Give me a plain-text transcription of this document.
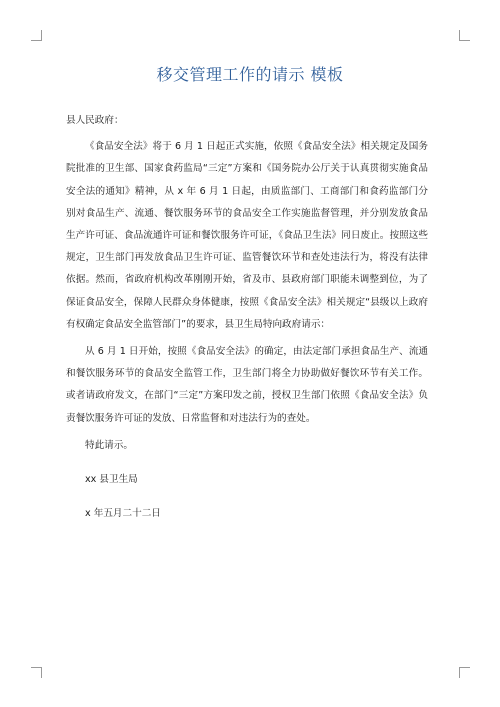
移交管理工作的请示 模板

县人民政府：

《食品安全法》将于 6 月 1 日起正式实施，依照《食品安全法》相关规定及国务院批准的卫生部、国家食药监局“三定”方案和《国务院办公厅关于认真贯彻实施食品安全法的通知》精神，从 x 年 6 月 1 日起，由质监部门、工商部门和食药监部门分别对食品生产、流通、餐饮服务环节的食品安全工作实施监督管理，并分别发放食品生产许可证、食品流通许可证和餐饮服务许可证，《食品卫生法》同日废止。按照这些规定，卫生部门再发放食品卫生许可证、监管餐饮环节和查处违法行为，将没有法律依据。然而，省政府机构改革刚刚开始，省及市、县政府部门职能未调整到位，为了保证食品安全，保障人民群众身体健康，按照《食品安全法》相关规定“县级以上政府有权确定食品安全监管部门”的要求，县卫生局特向政府请示：

从 6 月 1 日开始，按照《食品安全法》的确定，由法定部门承担食品生产、流通和餐饮服务环节的食品安全监管工作，卫生部门将全力协助做好餐饮环节有关工作。或者请政府发文，在部门“三定”方案印发之前，授权卫生部门依照《食品安全法》负责餐饮服务许可证的发放、日常监督和对违法行为的查处。

特此请示。

xx 县卫生局

x 年五月二十二日
